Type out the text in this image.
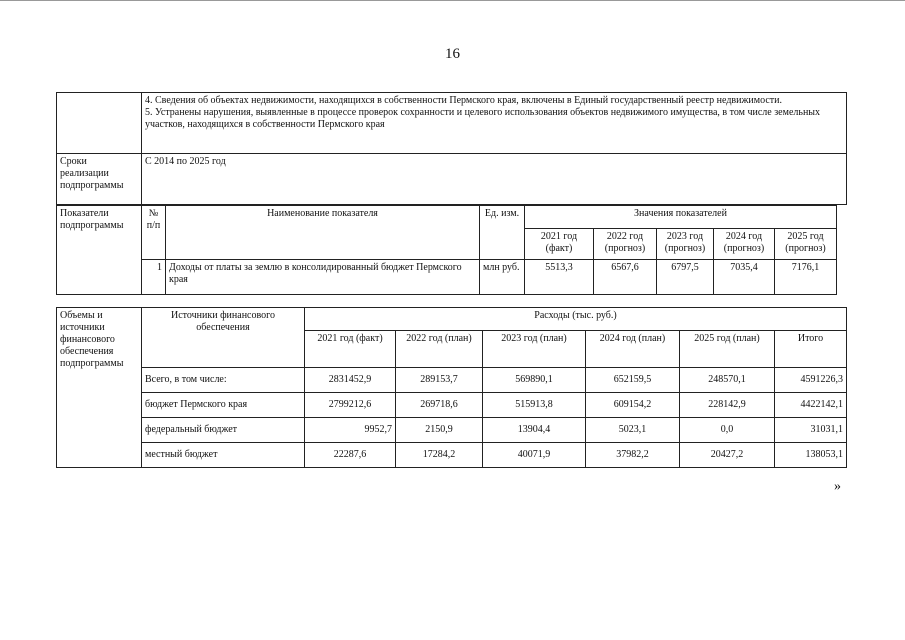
16

	4. Сведения об объектах недвижимости, находящихся в собственности Пермского края, включены в Единый государственный реестр недвижимости.
5. Устранены нарушения, выявленные в процессе проверок сохранности и целевого использования объектов недвижимого имущества, в том числе земельных участков, находящихся в собственности Пермского края

Сроки реализации подпрограммы	С 2014 по 2025 год
Показатели подпрограммы	№ п/п	Наименование показателя	Ед. изм.	Значения показателей				
				2021 год (факт)	2022 год (прогноз)	2023 год (прогноз)	2024 год (прогноз)	2025 год (прогноз)
	1	Доходы от платы за землю в консолидированный бюджет Пермского края	млн руб.	5513,3	6567,6	6797,5	7035,4	7176,1
Объемы и источники финансового обеспечения подпрограммы	Источники финансового обеспечения	Расходы (тыс. руб.)					
		2021 год (факт)	2022 год (план)	2023 год (план)	2024 год (план)	2025 год (план)	Итого
	Всего, в том числе:	2831452,9	289153,7	569890,1	652159,5	248570,1	4591226,3
	бюджет Пермского края	2799212,6	269718,6	515913,8	609154,2	228142,9	4422142,1
	федеральный бюджет	9952,7	2150,9	13904,4	5023,1	0,0	31031,1
	местный бюджет	22287,6	17284,2	40071,9	37982,2	20427,2	138053,1
»
